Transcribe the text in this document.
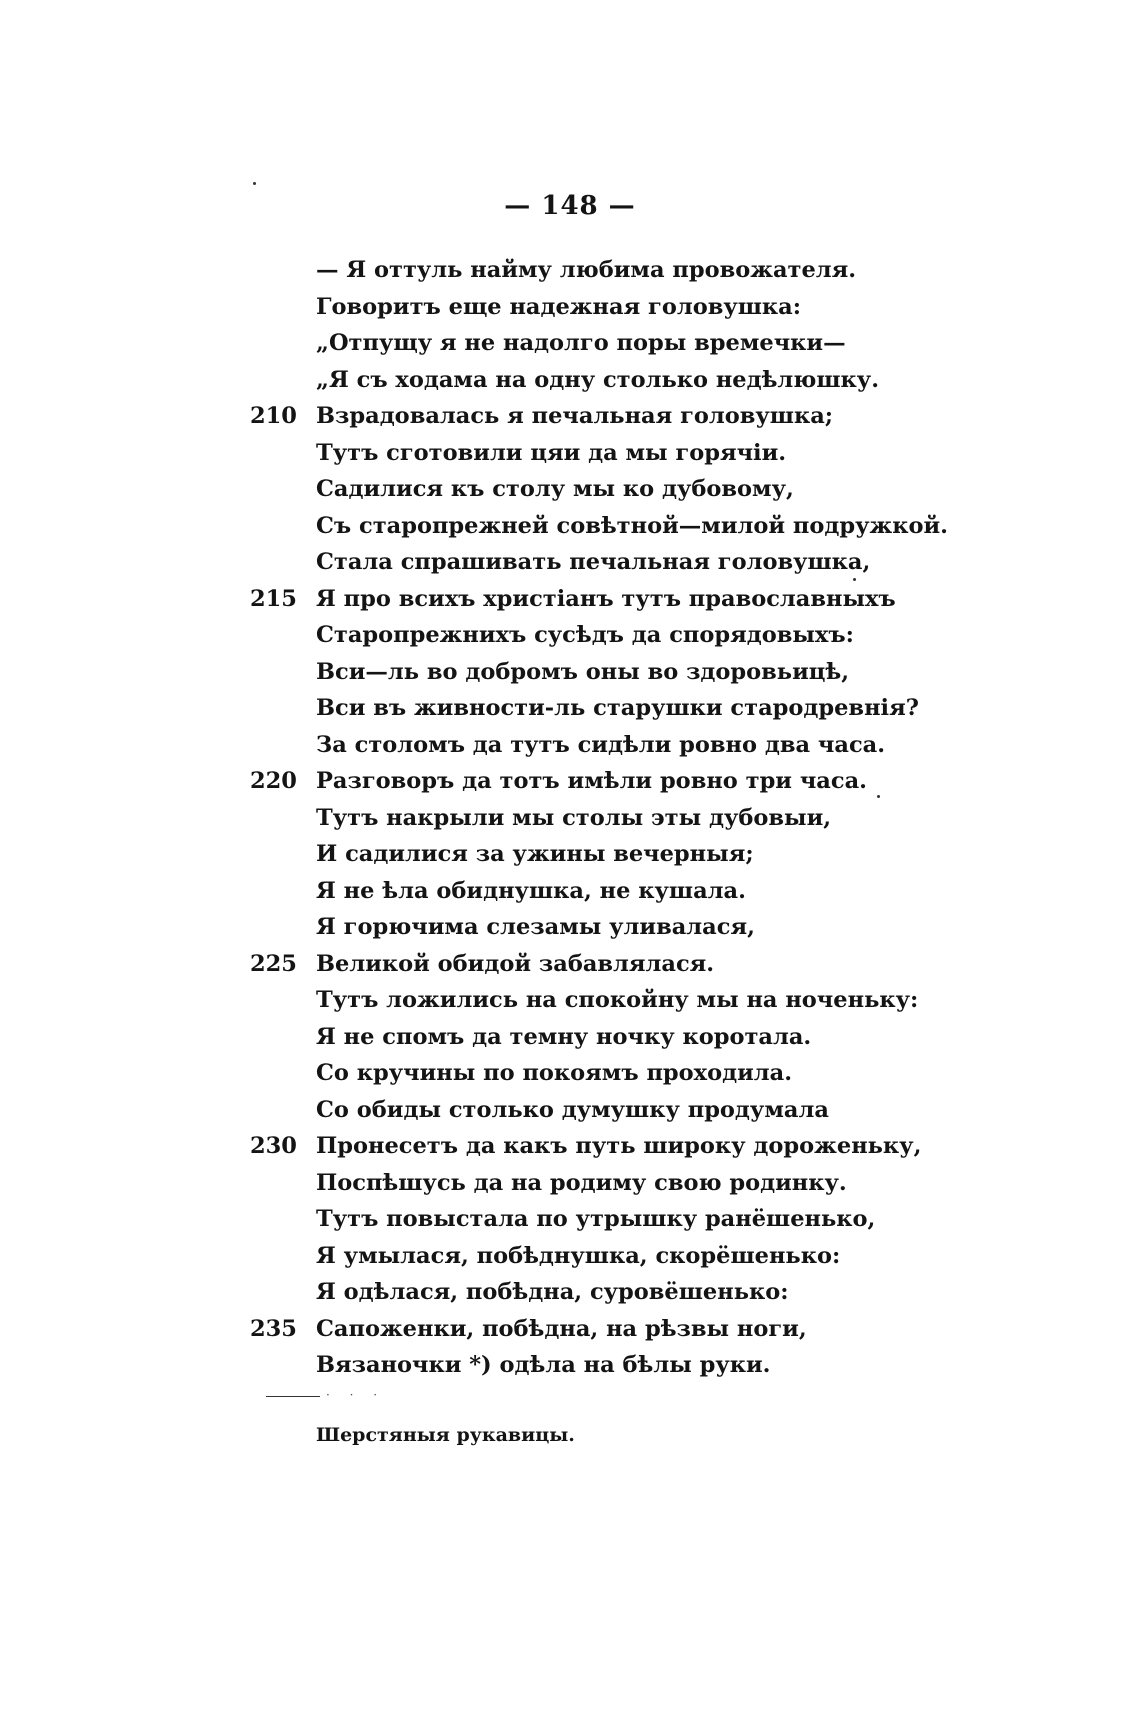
— 148 —
— Я оттуль найму любима провожателя.
Говоритъ еще надежная головушка:
„Отпущу я не надолго поры времечки—
„Я съ ходама на одну столько недѣлюшку.
210 Взрадовалась я печальная головушка;
Тутъ сготовили цяи да мы горячіи.
Садилися къ столу мы ко дубовому,
Съ старопрежней совѣтной—милой подружкой.
Стала спрашивать печальная головушка,
215 Я про всихъ христіанъ тутъ православныхъ
Старопрежнихъ сусѣдъ да спорядовыхъ:
Вси—ль во добромъ оны во здоровьицѣ,
Вси въ живности-ль старушки стародревнія?
За столомъ да тутъ сидѣли ровно два часа.
220 Разговоръ да тотъ имѣли ровно три часа.
Тутъ накрыли мы столы эты дубовыи,
И садилися за ужины вечерныя;
Я не ѣла обиднушка, не кушала.
Я горючима слезамы уливалася,
225 Великой обидой забавлялася.
Тутъ ложились на спокойну мы на ноченьку:
Я не спомъ да темну ночку коротала.
Со кручины по покоямъ проходила.
Со обиды столько думушку продумала
230 Пронесетъ да какъ путь широку дороженьку,
Поспѣшусь да на родиму свою родинку.
Тутъ повыстала по утрышку ранёшенько,
Я умылася, побѣднушка, скорёшенько:
Я одѣлася, побѣдна, суровёшенько:
235 Сапоженки, побѣдна, на рѣзвы ноги,
Вязаночки *) одѣла на бѣлы руки.
· · ·
Шерстяныя рукавицы.
